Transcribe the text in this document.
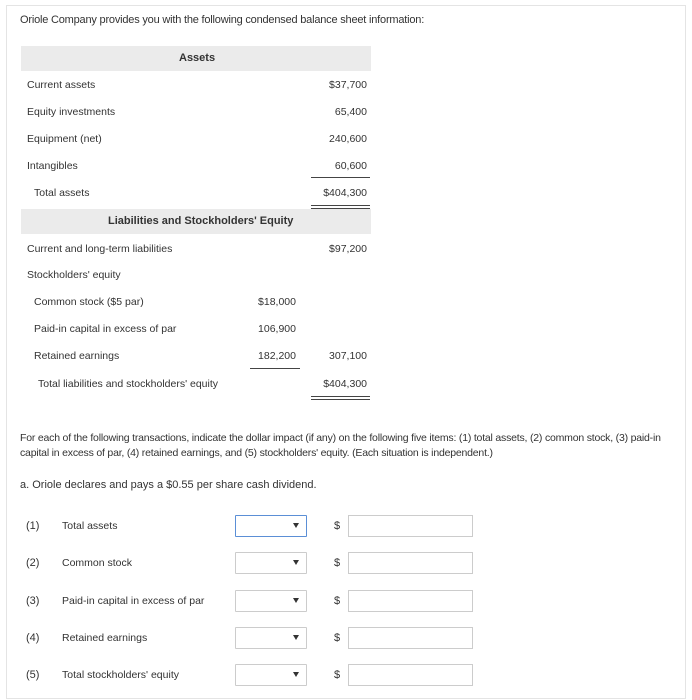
Oriole Company provides you with the following condensed balance sheet information:
Assets
Current assets	$37,700
Equity investments	65,400
Equipment (net)	240,600
Intangibles	60,600
Total assets	$404,300
Liabilities and Stockholders' Equity
Current and long-term liabilities	$97,200
Stockholders' equity
Common stock ($5 par)	$18,000
Paid-in capital in excess of par	106,900
Retained earnings	182,200	307,100
Total liabilities and stockholders' equity	$404,300
For each of the following transactions, indicate the dollar impact (if any) on the following five items: (1) total assets, (2) common stock, (3) paid-in capital in excess of par, (4) retained earnings, and (5) stockholders' equity. (Each situation is independent.)
a. Oriole declares and pays a $0.55 per share cash dividend.
(1) Total assets	$
(2) Common stock	$
(3) Paid-in capital in excess of par	$
(4) Retained earnings	$
(5) Total stockholders' equity	$
